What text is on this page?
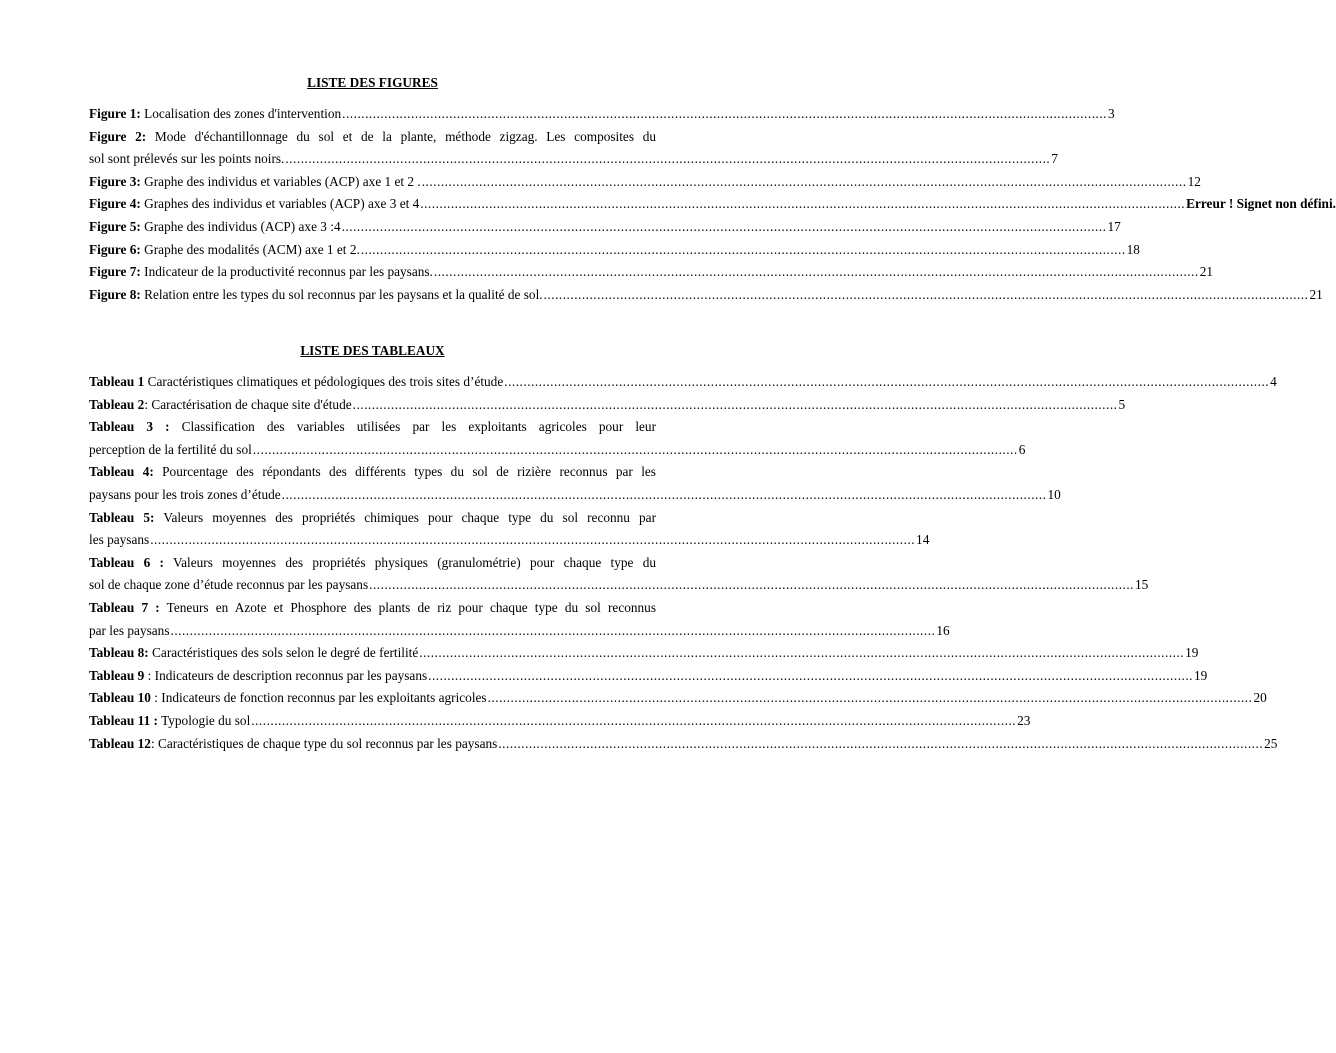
LISTE DES FIGURES
Figure 1: Localisation des zones d'intervention ........................................................................................................................................................................................................ 3
Figure 2: Mode d'échantillonnage du sol et de la plante, méthode zigzag. Les composites du
sol sont prélevés sur les points noirs. ........................................................................................................................................................................................................ 7
Figure 3: Graphe des individus et variables (ACP) axe 1 et 2 . ........................................................................................................................................................................................................ 12
Figure 4: Graphes des individus et variables (ACP) axe 3 et 4 ........................................................................................................................................................................................................ Erreur ! Signet non défini.
Figure 5: Graphe des individus (ACP) axe 3 :4 ........................................................................................................................................................................................................ 17
Figure 6: Graphe des modalités (ACM) axe 1 et 2. ........................................................................................................................................................................................................ 18
Figure 7: Indicateur de la productivité reconnus par les paysans. ........................................................................................................................................................................................................ 21
Figure 8: Relation entre les types du sol reconnus par les paysans et la qualité de sol. ........................................................................................................................................................................................................ 21
LISTE DES TABLEAUX
Tableau 1 Caractéristiques climatiques et pédologiques des trois sites d’étude ........................................................................................................................................................................................................ 4
Tableau 2: Caractérisation de chaque site d'étude ........................................................................................................................................................................................................ 5
Tableau 3 : Classification des variables utilisées par les exploitants agricoles pour leur
perception de la fertilité du sol ........................................................................................................................................................................................................ 6
Tableau 4: Pourcentage des répondants des différents types du sol de rizière reconnus par les
paysans pour les trois zones d’étude ........................................................................................................................................................................................................ 10
Tableau 5: Valeurs moyennes des propriétés chimiques pour chaque type du sol reconnu par
les paysans ........................................................................................................................................................................................................ 14
Tableau 6 : Valeurs moyennes des propriétés physiques (granulométrie) pour chaque type du
sol de chaque zone d’étude reconnus par les paysans ........................................................................................................................................................................................................ 15
Tableau 7 : Teneurs en Azote et Phosphore des plants de riz pour chaque type du sol reconnus
par les paysans ........................................................................................................................................................................................................ 16
Tableau 8: Caractéristiques des sols selon le degré de fertilité ........................................................................................................................................................................................................ 19
Tableau 9 : Indicateurs de description reconnus par les paysans ........................................................................................................................................................................................................ 19
Tableau 10 : Indicateurs de fonction reconnus par les exploitants agricoles ........................................................................................................................................................................................................ 20
Tableau 11 : Typologie du sol ........................................................................................................................................................................................................ 23
Tableau 12: Caractéristiques de chaque type du sol reconnus par les paysans ........................................................................................................................................................................................................ 25
